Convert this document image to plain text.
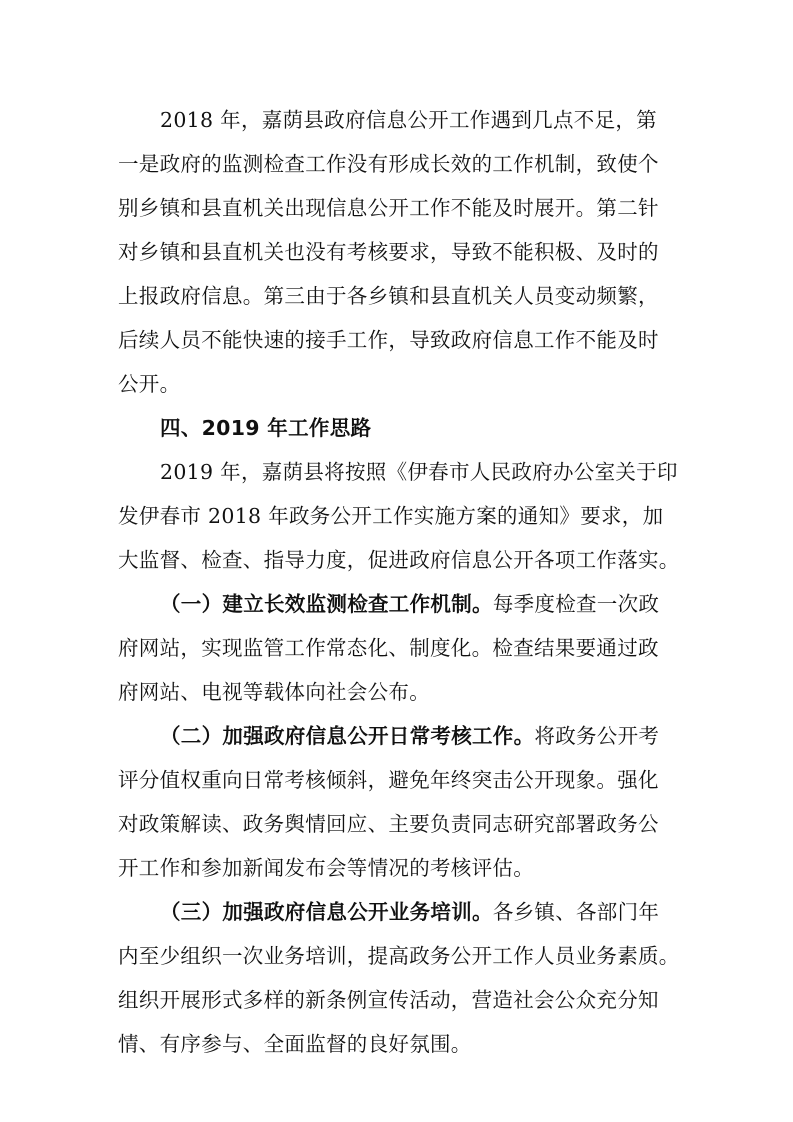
2018 年，嘉荫县政府信息公开工作遇到几点不足，第
一是政府的监测检查工作没有形成长效的工作机制，致使个
别乡镇和县直机关出现信息公开工作不能及时展开。第二针
对乡镇和县直机关也没有考核要求，导致不能积极、及时的
上报政府信息。第三由于各乡镇和县直机关人员变动频繁，
后续人员不能快速的接手工作，导致政府信息工作不能及时
公开。
四、2019 年工作思路
2019 年，嘉荫县将按照《伊春市人民政府办公室关于印
发伊春市 2018 年政务公开工作实施方案的通知》要求，加
大监督、检查、指导力度，促进政府信息公开各项工作落实。
（一）建立长效监测检查工作机制。每季度检查一次政
府网站，实现监管工作常态化、制度化。检查结果要通过政
府网站、电视等载体向社会公布。
（二）加强政府信息公开日常考核工作。将政务公开考
评分值权重向日常考核倾斜，避免年终突击公开现象。强化
对政策解读、政务舆情回应、主要负责同志研究部署政务公
开工作和参加新闻发布会等情况的考核评估。
（三）加强政府信息公开业务培训。各乡镇、各部门年
内至少组织一次业务培训，提高政务公开工作人员业务素质。
组织开展形式多样的新条例宣传活动，营造社会公众充分知
情、有序参与、全面监督的良好氛围。
